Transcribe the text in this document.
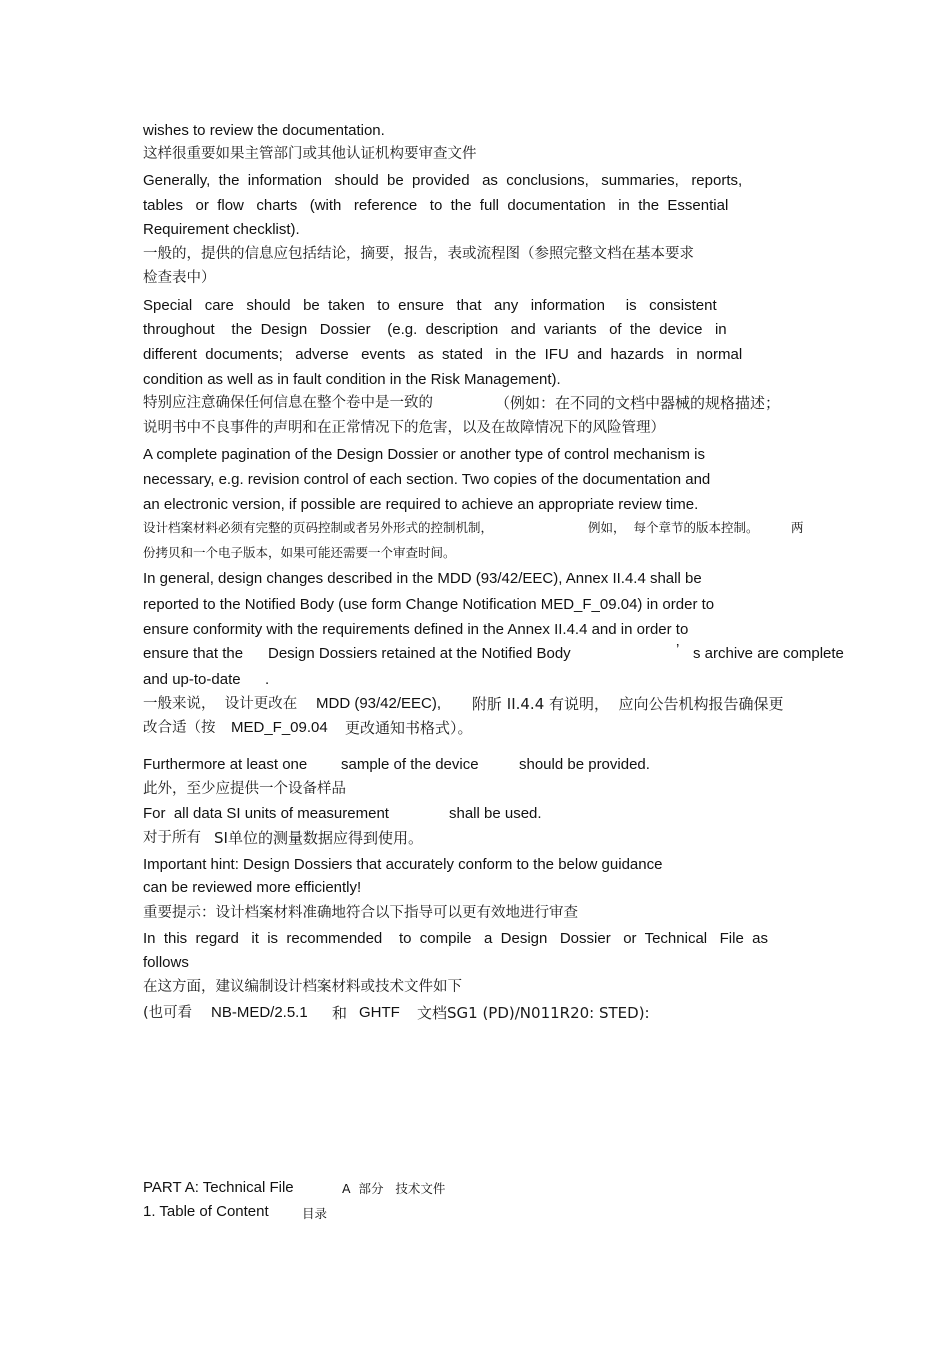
wishes to review the documentation.
这样很重要如果主管部门或其他认证机构要审查文件
Generally,  the  information   should  be  provided   as  conclusions,   summaries,   reports,
tables   or  flow   charts   (with   reference   to  the  full  documentation   in  the  Essential
Requirement checklist).
一般的，提供的信息应包括结论，摘要，报告，表或流程图（参照完整文档在基本要求
检查表中）
Special   care   should   be  taken   to  ensure   that   any   information     is   consistent
throughout    the  Design   Dossier    (e.g.  description   and  variants   of  the  device   in
different  documents;   adverse   events   as  stated   in  the  IFU  and  hazards   in  normal
condition as well as in fault condition in the Risk Management).
特别应注意确保任何信息在整个卷中是一致的	（例如：在不同的文档中器械的规格描述；
说明书中不良事件的声明和在正常情况下的危害，以及在故障情况下的风险管理）
A complete pagination of the Design Dossier or another type of control mechanism is
necessary, e.g. revision control of each section. Two copies of the documentation and
an electronic version, if possible are required to achieve an appropriate review time.
设计档案材料必须有完整的页码控制或者另外形式的控制机制，	例如，  每个章节的版本控制。	两
份拷贝和一个电子版本，如果可能还需要一个审查时间。
In general, design changes described in the MDD (93/42/EEC), Annex II.4.4 shall be
reported to the Notified Body (use form Change Notification MED_F_09.04) in order to
ensure conformity with the requirements defined in the Annex II.4.4 and in order to
ensure that the Design Dossiers retained at the Notified Body	’ s archive are complete
and up-to-date .
一般来说，  设计更改在 MDD (93/42/EEC), 附肵 II.4.4 有说明，  应向公告机构报告确保更
改合适（按 MED_F_09.04 更改通知书格式）。
Furthermore at least one sample of the device	should be provided.
此外，至少应提供一个设备样品
For  all data SI units of measurement	shall be used.
对于所有 SI单位的测量数据应得到使用。
Important hint: Design Dossiers that accurately conform to the below guidance
can be reviewed more efficiently!
重要提示：设计档案材料准确地符合以下指导可以更有效地进行审查
In  this  regard   it  is  recommended    to  compile   a  Design   Dossier   or  Technical   File  as
follows
在这方面，建议编制设计档案材料或技术文件如下
(也可看 NB-MED/2.5.1 和 GHTF 文档SG1 (PD)/N011R20: STED):
PART A: Technical File	A  部分   技术文件
1. Table of Content	目录
